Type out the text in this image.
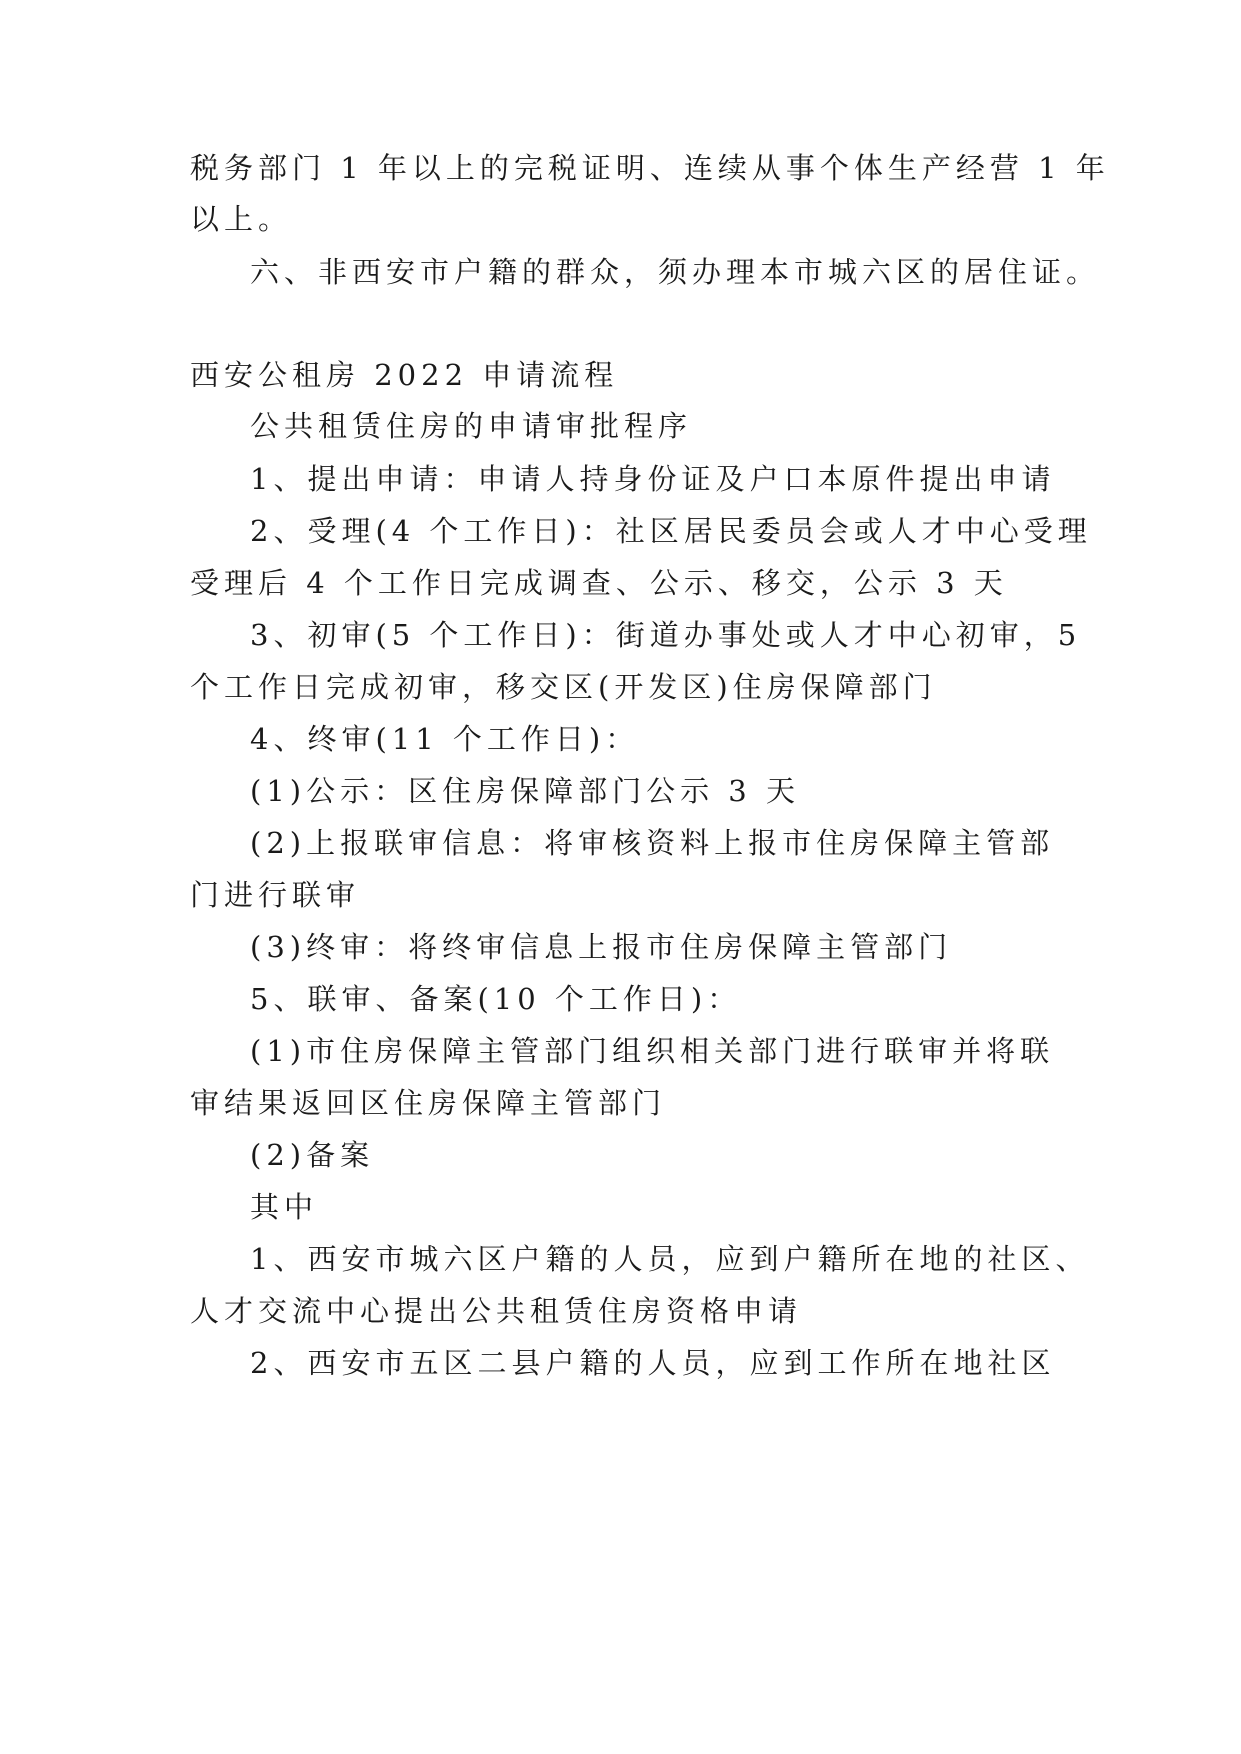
税务部门 1 年以上的完税证明、连续从事个体生产经营 1 年
以上。
六、非西安市户籍的群众，须办理本市城六区的居住证。
西安公租房 2022 申请流程
公共租赁住房的申请审批程序
1、提出申请：申请人持身份证及户口本原件提出申请
2、受理(4 个工作日)：社区居民委员会或人才中心受理
受理后 4 个工作日完成调查、公示、移交，公示 3 天
3、初审(5 个工作日)：街道办事处或人才中心初审，5
个工作日完成初审，移交区(开发区)住房保障部门
4、终审(11 个工作日)：
(1)公示：区住房保障部门公示 3 天
(2)上报联审信息：将审核资料上报市住房保障主管部
门进行联审
(3)终审：将终审信息上报市住房保障主管部门
5、联审、备案(10 个工作日)：
(1)市住房保障主管部门组织相关部门进行联审并将联
审结果返回区住房保障主管部门
(2)备案
其中
1、西安市城六区户籍的人员，应到户籍所在地的社区、
人才交流中心提出公共租赁住房资格申请
2、西安市五区二县户籍的人员，应到工作所在地社区
